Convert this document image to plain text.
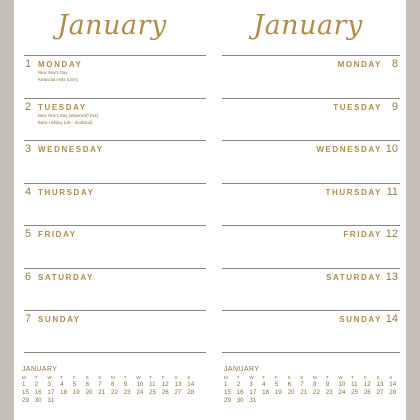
January
1 MONDAY
New Year's Day
Kwanzaa ends (USA)
2 TUESDAY
New Year's Day (observed) (NZ)
Bank Holiday (UK - Scotland)
3 WEDNESDAY
4 THURSDAY
5 FRIDAY
6 SATURDAY
7 SUNDAY
JANUARY
M	T	W	T	F	S	S	M	T	W	T	F	S	S
1	2	3	4	5	6	7	8	9	10 11	12 13 14
15 16 17 18 19 20 21 22 23 24 25 26 27 28
29 30 31
January
MONDAY 8
TUESDAY 9
WEDNESDAY 10
THURSDAY 11
FRIDAY 12
SATURDAY 13
SUNDAY 14
JANUARY
M	T	W	T	F	S	S	M	T	W	T	F	S	S
1	2	3	4	5	6	7	8	9	10 11	12 13 14
15 16 17 18 19 20 21 22 23 24 25 26 27 28
29 30 31
